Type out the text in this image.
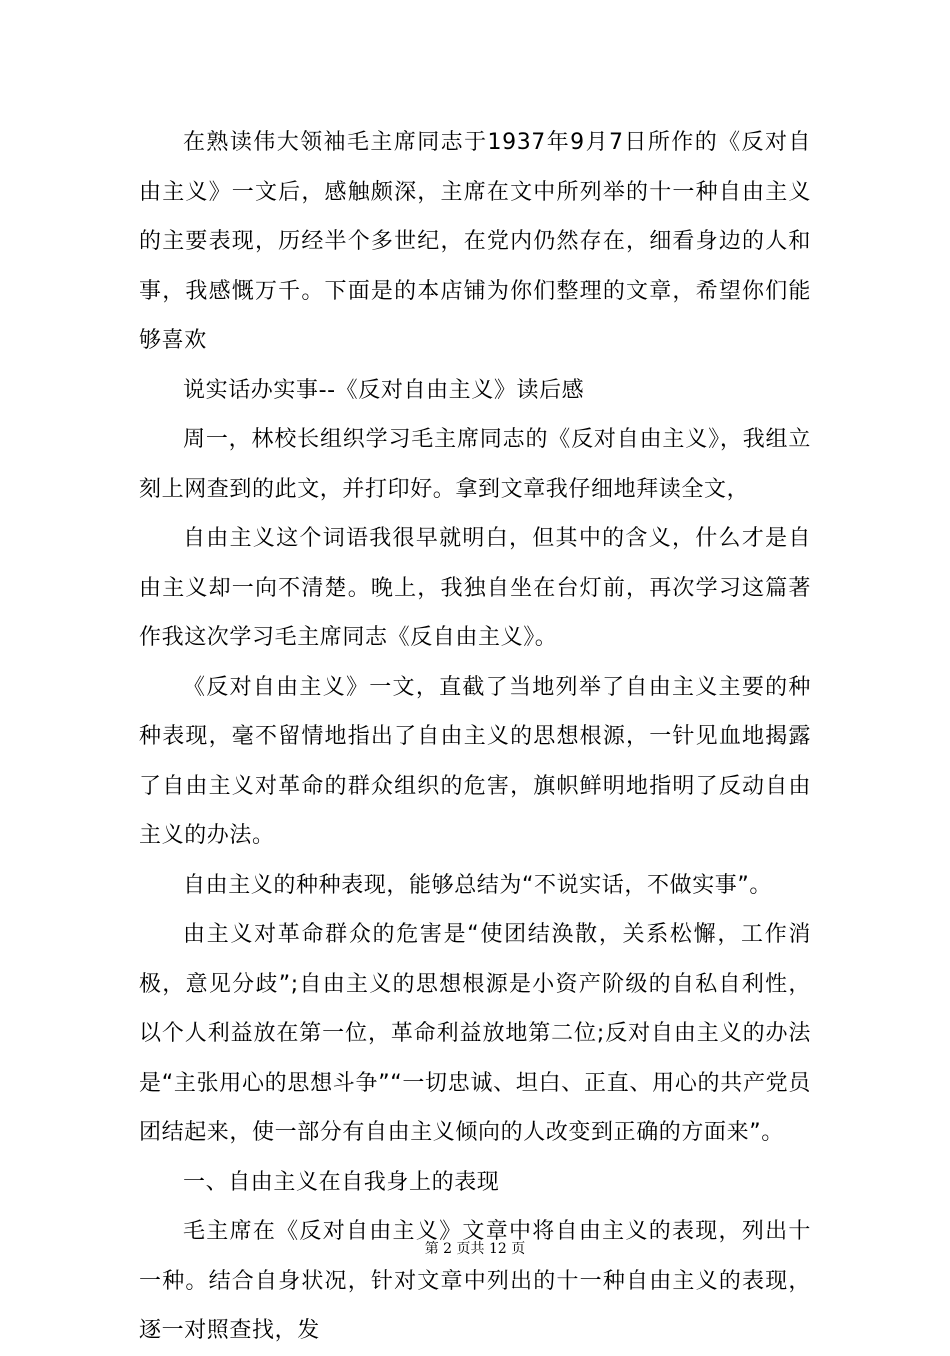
在熟读伟大领袖毛主席同志于1937年9月7日所作的《反对自由主义》一文后，感触颇深，主席在文中所列举的十一种自由主义的主要表现，历经半个多世纪，在党内仍然存在，细看身边的人和事，我感慨万千。下面是的本店铺为你们整理的文章，希望你们能够喜欢

说实话办实事--《反对自由主义》读后感

周一，林校长组织学习毛主席同志的《反对自由主义》，我组立刻上网查到的此文，并打印好。拿到文章我仔细地拜读全文，

自由主义这个词语我很早就明白，但其中的含义，什么才是自由主义却一向不清楚。晚上，我独自坐在台灯前，再次学习这篇著作我这次学习毛主席同志《反自由主义》。

《反对自由主义》一文，直截了当地列举了自由主义主要的种种表现，毫不留情地指出了自由主义的思想根源，一针见血地揭露了自由主义对革命的群众组织的危害，旗帜鲜明地指明了反动自由主义的办法。

自由主义的种种表现，能够总结为“不说实话，不做实事”。

由主义对革命群众的危害是“使团结涣散，关系松懈，工作消极，意见分歧”;自由主义的思想根源是小资产阶级的自私自利性，以个人利益放在第一位，革命利益放地第二位;反对自由主义的办法是“主张用心的思想斗争”“一切忠诚、坦白、正直、用心的共产党员团结起来，使一部分有自由主义倾向的人改变到正确的方面来”。

一、自由主义在自我身上的表现

毛主席在《反对自由主义》文章中将自由主义的表现，列出十一种。结合自身状况，针对文章中列出的十一种自由主义的表现，逐一对照查找，发

第 2 页共 12 页
